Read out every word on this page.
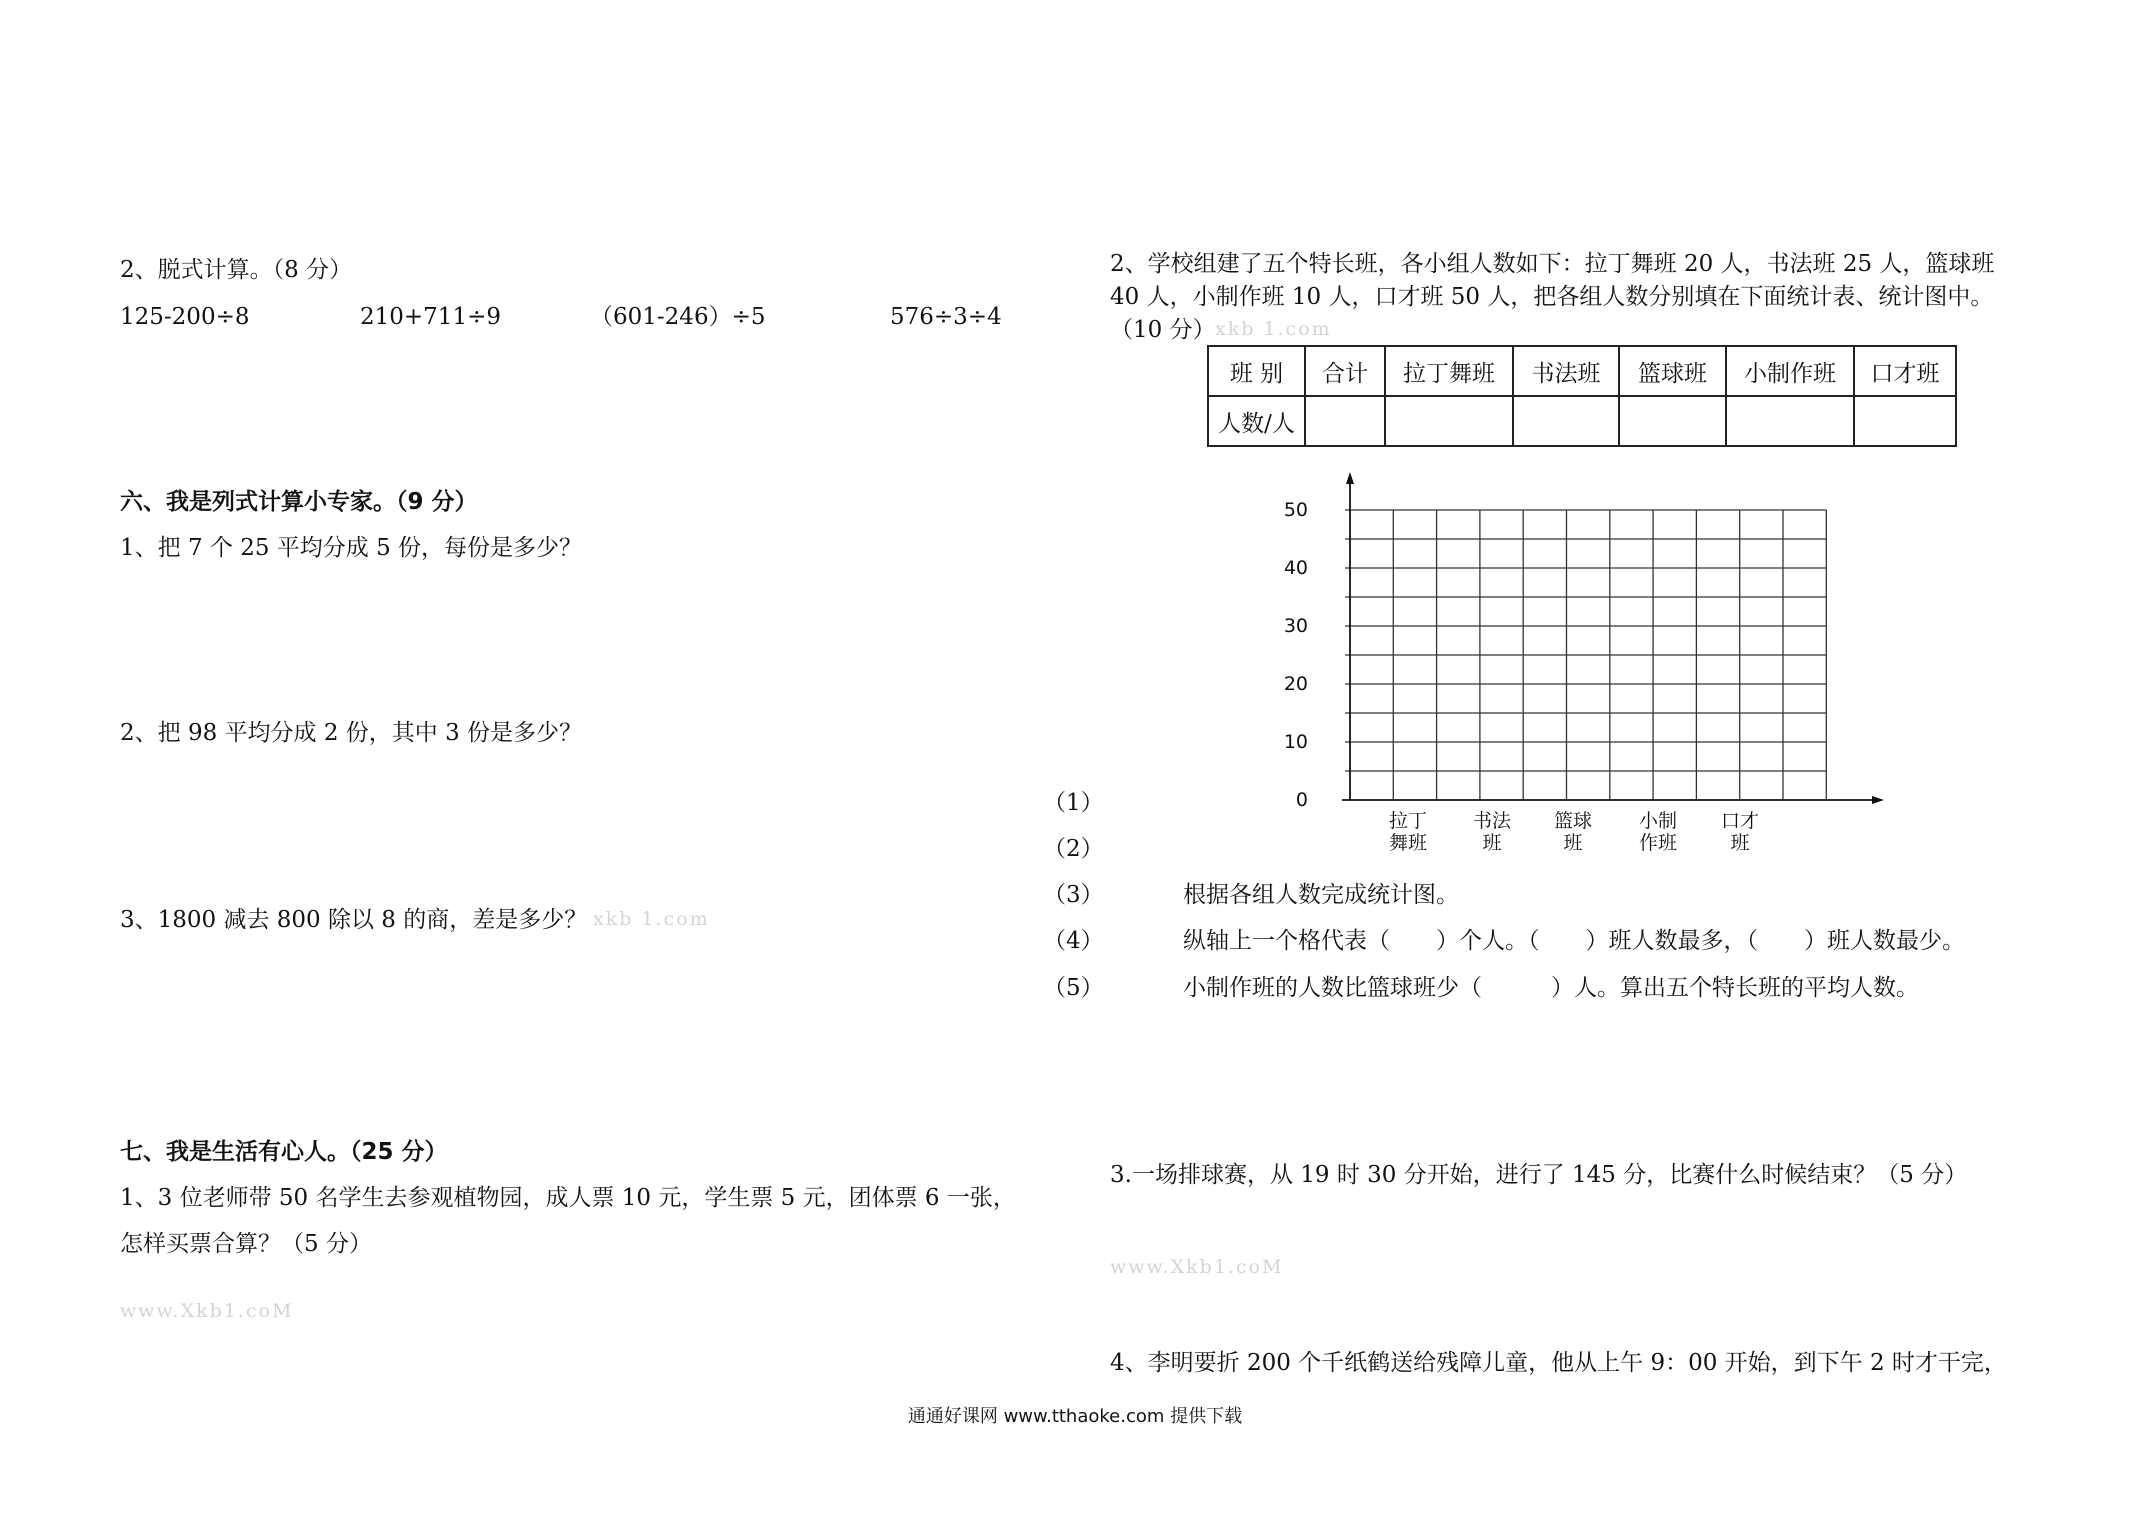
2、脱式计算。（8 分）
125-200÷8	210+711÷9	（601-246）÷5	576÷3÷4
六、我是列式计算小专家。（9 分）
1、把 7 个 25 平均分成 5 份，每份是多少？
2、把 98 平均分成 2 份，其中 3 份是多少？
3、1800 减去 800 除以 8 的商，差是多少？ xkb 1.com
七、我是生活有心人。（25 分）
1、3 位老师带 50 名学生去参观植物园，成人票 10 元，学生票 5 元，团体票 6 一张，
怎样买票合算？（5 分）
www.Xkb1.coM
2、学校组建了五个特长班，各小组人数如下：拉丁舞班 20 人，书法班 25 人，篮球班
40 人，小制作班 10 人，口才班 50 人，把各组人数分别填在下面统计表、统计图中。
（10 分） xkb 1.com
班 别	合计	拉丁舞班	书法班	篮球班	小制作班	口才班
人数/人						
0
10
20
30
40
50
拉丁
舞班
书法
班
篮球
班
小制
作班
口才
班
（1）
（2）
（3）	根据各组人数完成统计图。
（4）	纵轴上一个格代表（　　）个人。（　　）班人数最多，（　　）班人数最少。
（5）	小制作班的人数比篮球班少（　　　）人。算出五个特长班的平均人数。
3.一场排球赛，从 19 时 30 分开始，进行了 145 分，比赛什么时候结束？（5 分）
www.Xkb1.coM
4、李明要折 200 个千纸鹤送给残障儿童，他从上午 9：00 开始，到下午 2 时才干完，
通通好课网 www.tthaoke.com 提供下载
